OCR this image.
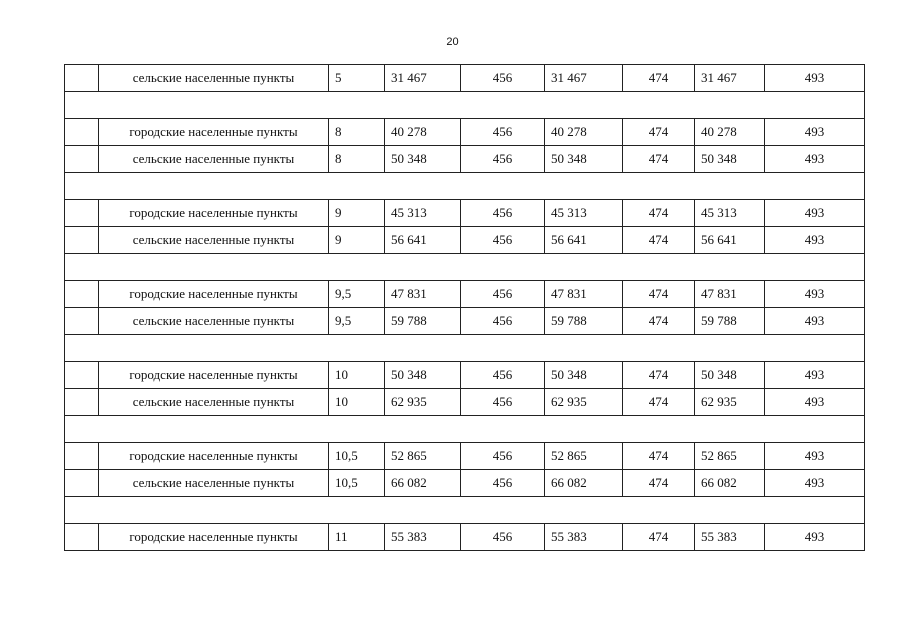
20
	сельские населенные пункты	5	31 467	456	31 467	474	31 467	493

	городские населенные пункты	8	40 278	456	40 278	474	40 278	493
	сельские населенные пункты	8	50 348	456	50 348	474	50 348	493

	городские населенные пункты	9	45 313	456	45 313	474	45 313	493
	сельские населенные пункты	9	56 641	456	56 641	474	56 641	493

	городские населенные пункты	9,5	47 831	456	47 831	474	47 831	493
	сельские населенные пункты	9,5	59 788	456	59 788	474	59 788	493

	городские населенные пункты	10	50 348	456	50 348	474	50 348	493
	сельские населенные пункты	10	62 935	456	62 935	474	62 935	493

	городские населенные пункты	10,5	52 865	456	52 865	474	52 865	493
	сельские населенные пункты	10,5	66 082	456	66 082	474	66 082	493

	городские населенные пункты	11	55 383	456	55 383	474	55 383	493
